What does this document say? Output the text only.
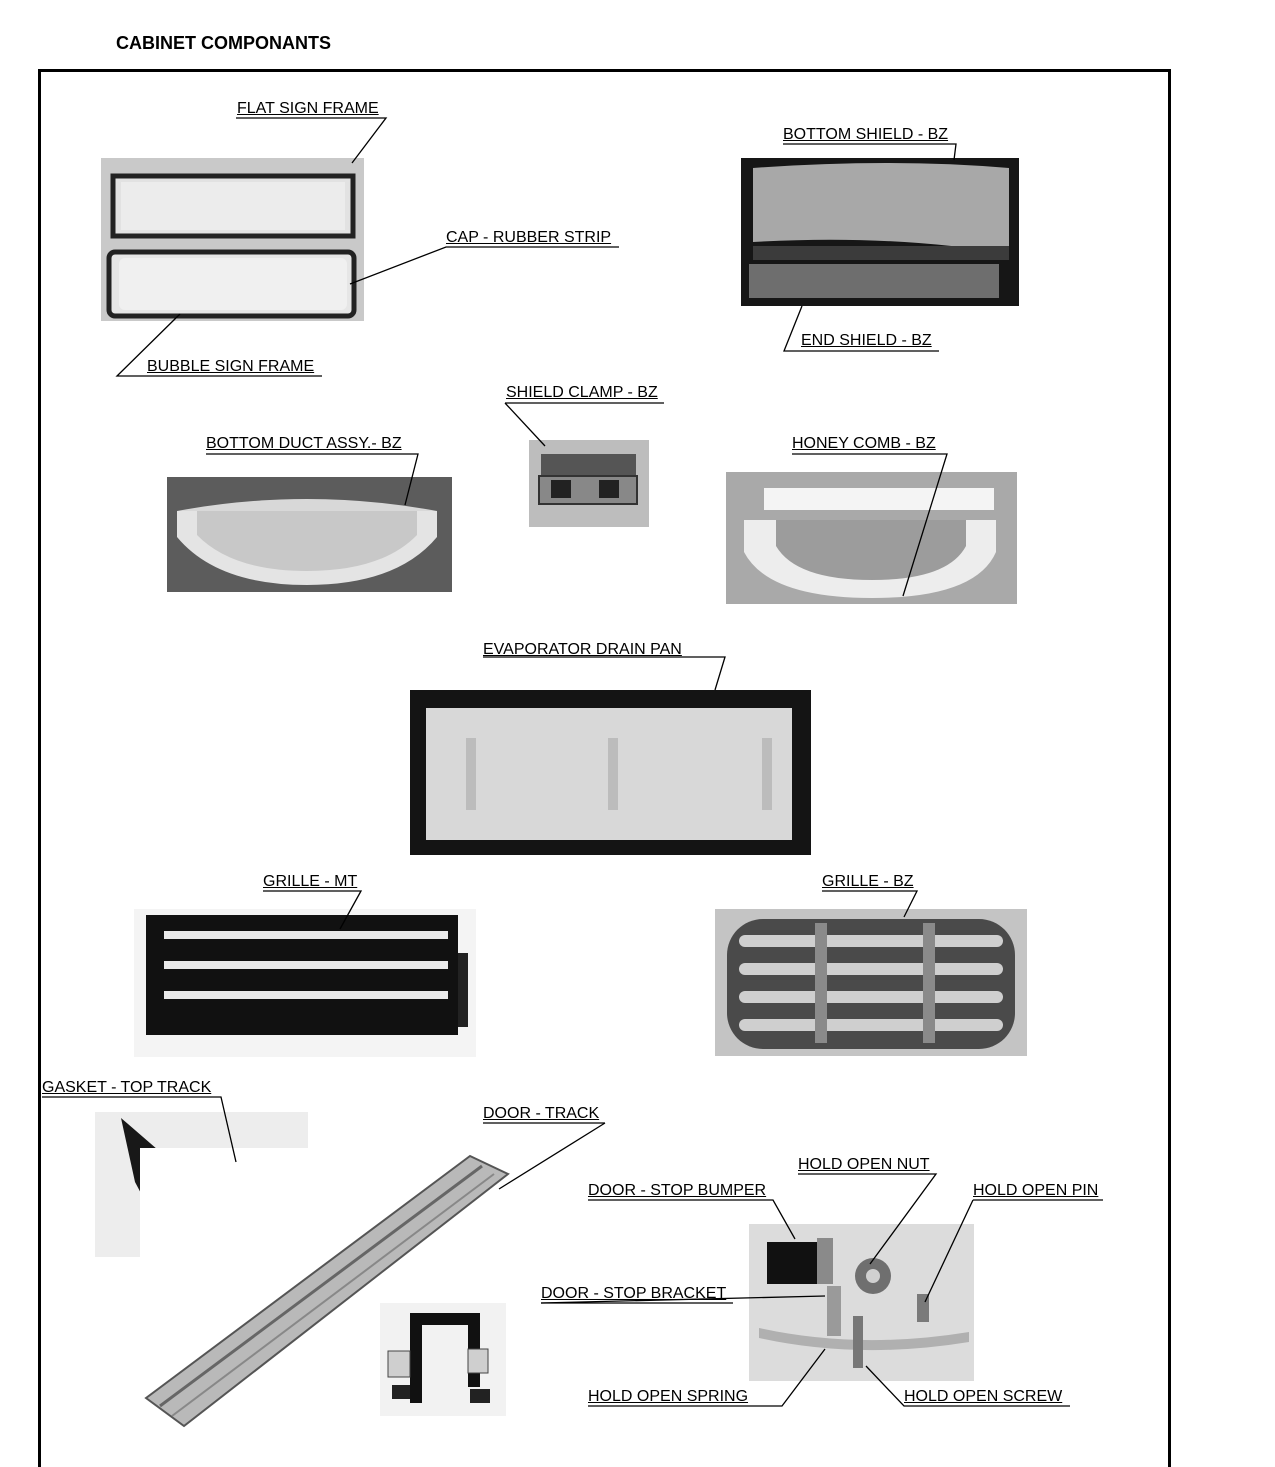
CABINET COMPONANTS
FLAT SIGN FRAME
CAP - RUBBER STRIP
BUBBLE SIGN FRAME
BOTTOM SHIELD - BZ
END SHIELD - BZ
SHIELD CLAMP - BZ
BOTTOM DUCT ASSY.- BZ	HONEY COMB - BZ
EVAPORATOR DRAIN PAN
GRILLE - MT	GRILLE - BZ
GASKET - TOP TRACK
DOOR - TRACK
HOLD OPEN NUT
DOOR - STOP BUMPER	HOLD OPEN PIN
DOOR - STOP BRACKET
HOLD OPEN SPRING	HOLD OPEN SCREW
